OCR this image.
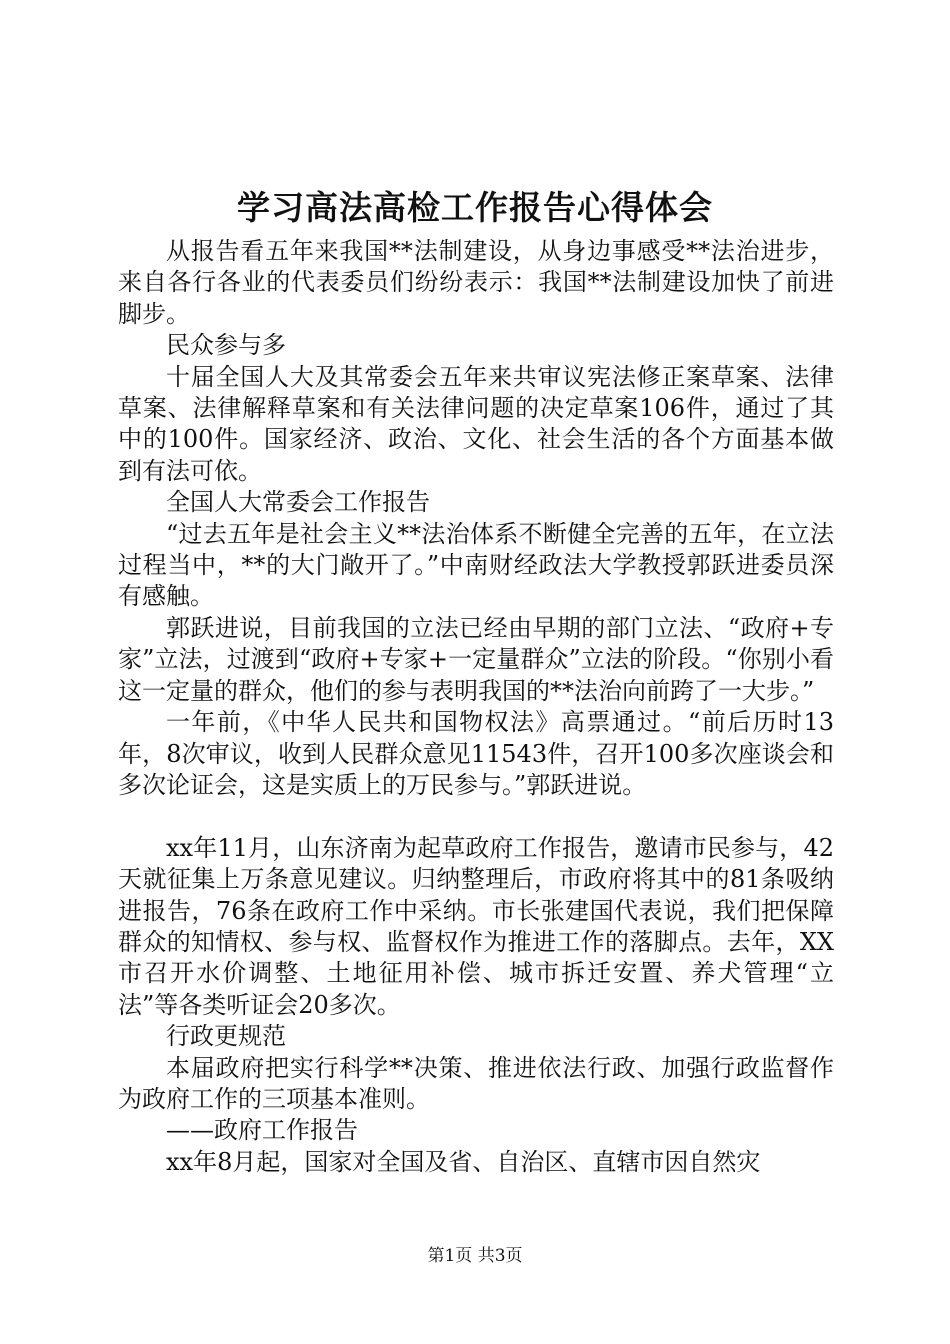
学习高法高检工作报告心得体会

从报告看五年来我国**法制建设，从身边事感受**法治进步，来自各行各业的代表委员们纷纷表示：我国**法制建设加快了前进脚步。

民众参与多

十届全国人大及其常委会五年来共审议宪法修正案草案、法律草案、法律解释草案和有关法律问题的决定草案106件，通过了其中的100件。国家经济、政治、文化、社会生活的各个方面基本做到有法可依。

全国人大常委会工作报告

“过去五年是社会主义**法治体系不断健全完善的五年，在立法过程当中，**的大门敞开了。”中南财经政法大学教授郭跃进委员深有感触。

郭跃进说，目前我国的立法已经由早期的部门立法、“政府+专家”立法，过渡到“政府+专家+一定量群众”立法的阶段。“你别小看这一定量的群众，他们的参与表明我国的**法治向前跨了一大步。”

一年前，《中华人民共和国物权法》高票通过。“前后历时13年，8次审议，收到人民群众意见11543件，召开100多次座谈会和多次论证会，这是实质上的万民参与。”郭跃进说。

xx年11月，山东济南为起草政府工作报告，邀请市民参与，42天就征集上万条意见建议。归纳整理后，市政府将其中的81条吸纳进报告，76条在政府工作中采纳。市长张建国代表说，我们把保障群众的知情权、参与权、监督权作为推进工作的落脚点。去年，XX市召开水价调整、土地征用补偿、城市拆迁安置、养犬管理“立法”等各类听证会20多次。

行政更规范

本届政府把实行科学**决策、推进依法行政、加强行政监督作为政府工作的三项基本准则。

——政府工作报告

xx年8月起，国家对全国及省、自治区、直辖市因自然灾

第1页 共3页
